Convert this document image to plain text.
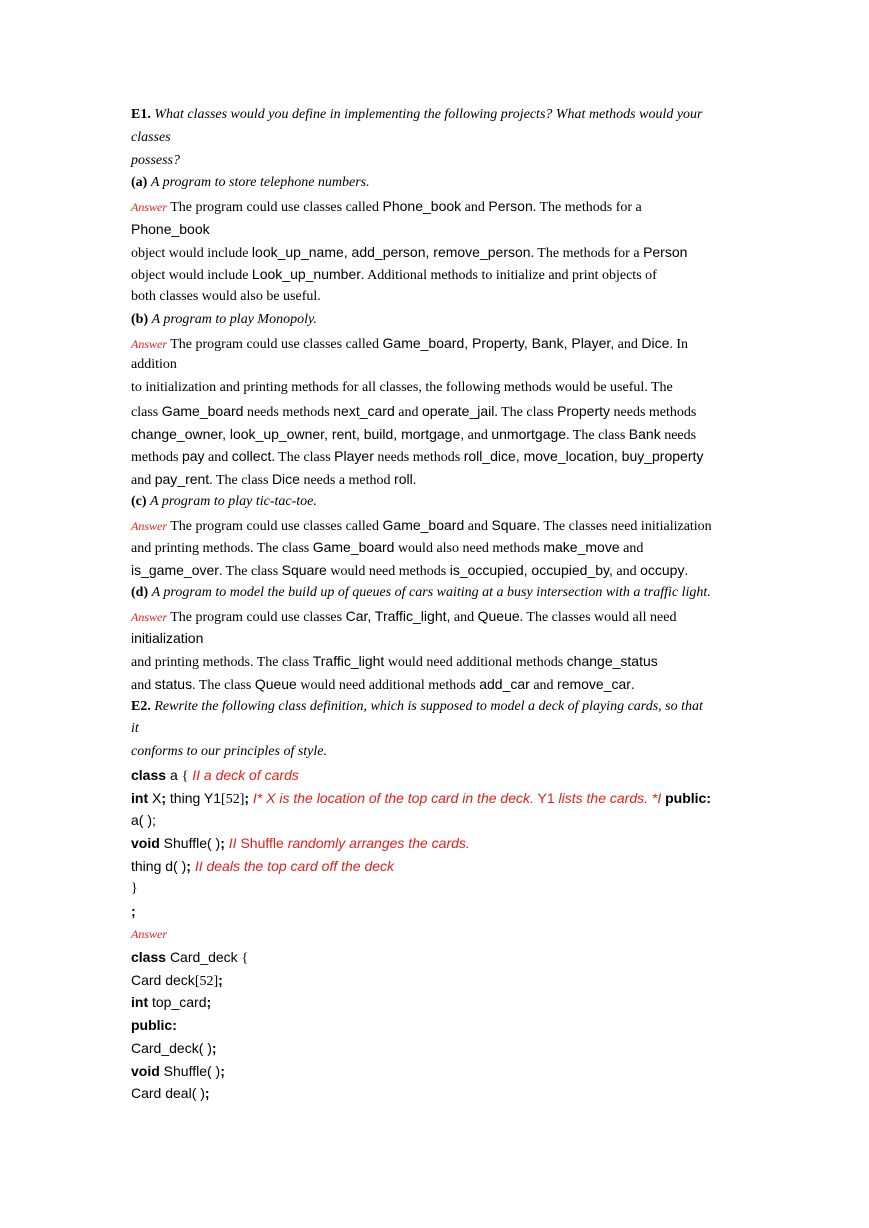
E1. What classes would you define in implementing the following projects? What methods would your
classes
possess?
(a) A program to store telephone numbers.
Answer The program could use classes called Phone_book and Person. The methods for a
Phone_book
object would include look_up_name, add_person, remove_person. The methods for a Person
object would include Look_up_number. Additional methods to initialize and print objects of
both classes would also be useful.
(b) A program to play Monopoly.
Answer The program could use classes called Game_board, Property, Bank, Player, and Dice. In
addition
to initialization and printing methods for all classes, the following methods would be useful. The
class Game_board needs methods next_card and operate_jail. The class Property needs methods
change_owner, look_up_owner, rent, build, mortgage, and unmortgage. The class Bank needs
methods pay and collect. The class Player needs methods roll_dice, move_location, buy_property
and pay_rent. The class Dice needs a method roll.
(c) A program to play tic-tac-toe.
Answer The program could use classes called Game_board and Square. The classes need initialization
and printing methods. The class Game_board would also need methods make_move and
is_game_over. The class Square would need methods is_occupied, occupied_by, and occupy.
(d) A program to model the build up of queues of cars waiting at a busy intersection with a traffic light.
Answer The program could use classes Car, Traffic_light, and Queue. The classes would all need
initialization
and printing methods. The class Traffic_light would need additional methods change_status
and status. The class Queue would need additional methods add_car and remove_car.
E2. Rewrite the following class definition, which is supposed to model a deck of playing cards, so that
it
conforms to our principles of style.
class a { II a deck of cards
int X; thing Y1[52]; I* X is the location of the top card in the deck. Y1 lists the cards. *I public:
a( );
void Shuffle( ); II Shuffle randomly arranges the cards.
thing d( ); II deals the top card off the deck
}
;
Answer
class Card_deck {
Card deck[52];
int top_card;
public:
Card_deck( );
void Shuffle( );
Card deal( );
